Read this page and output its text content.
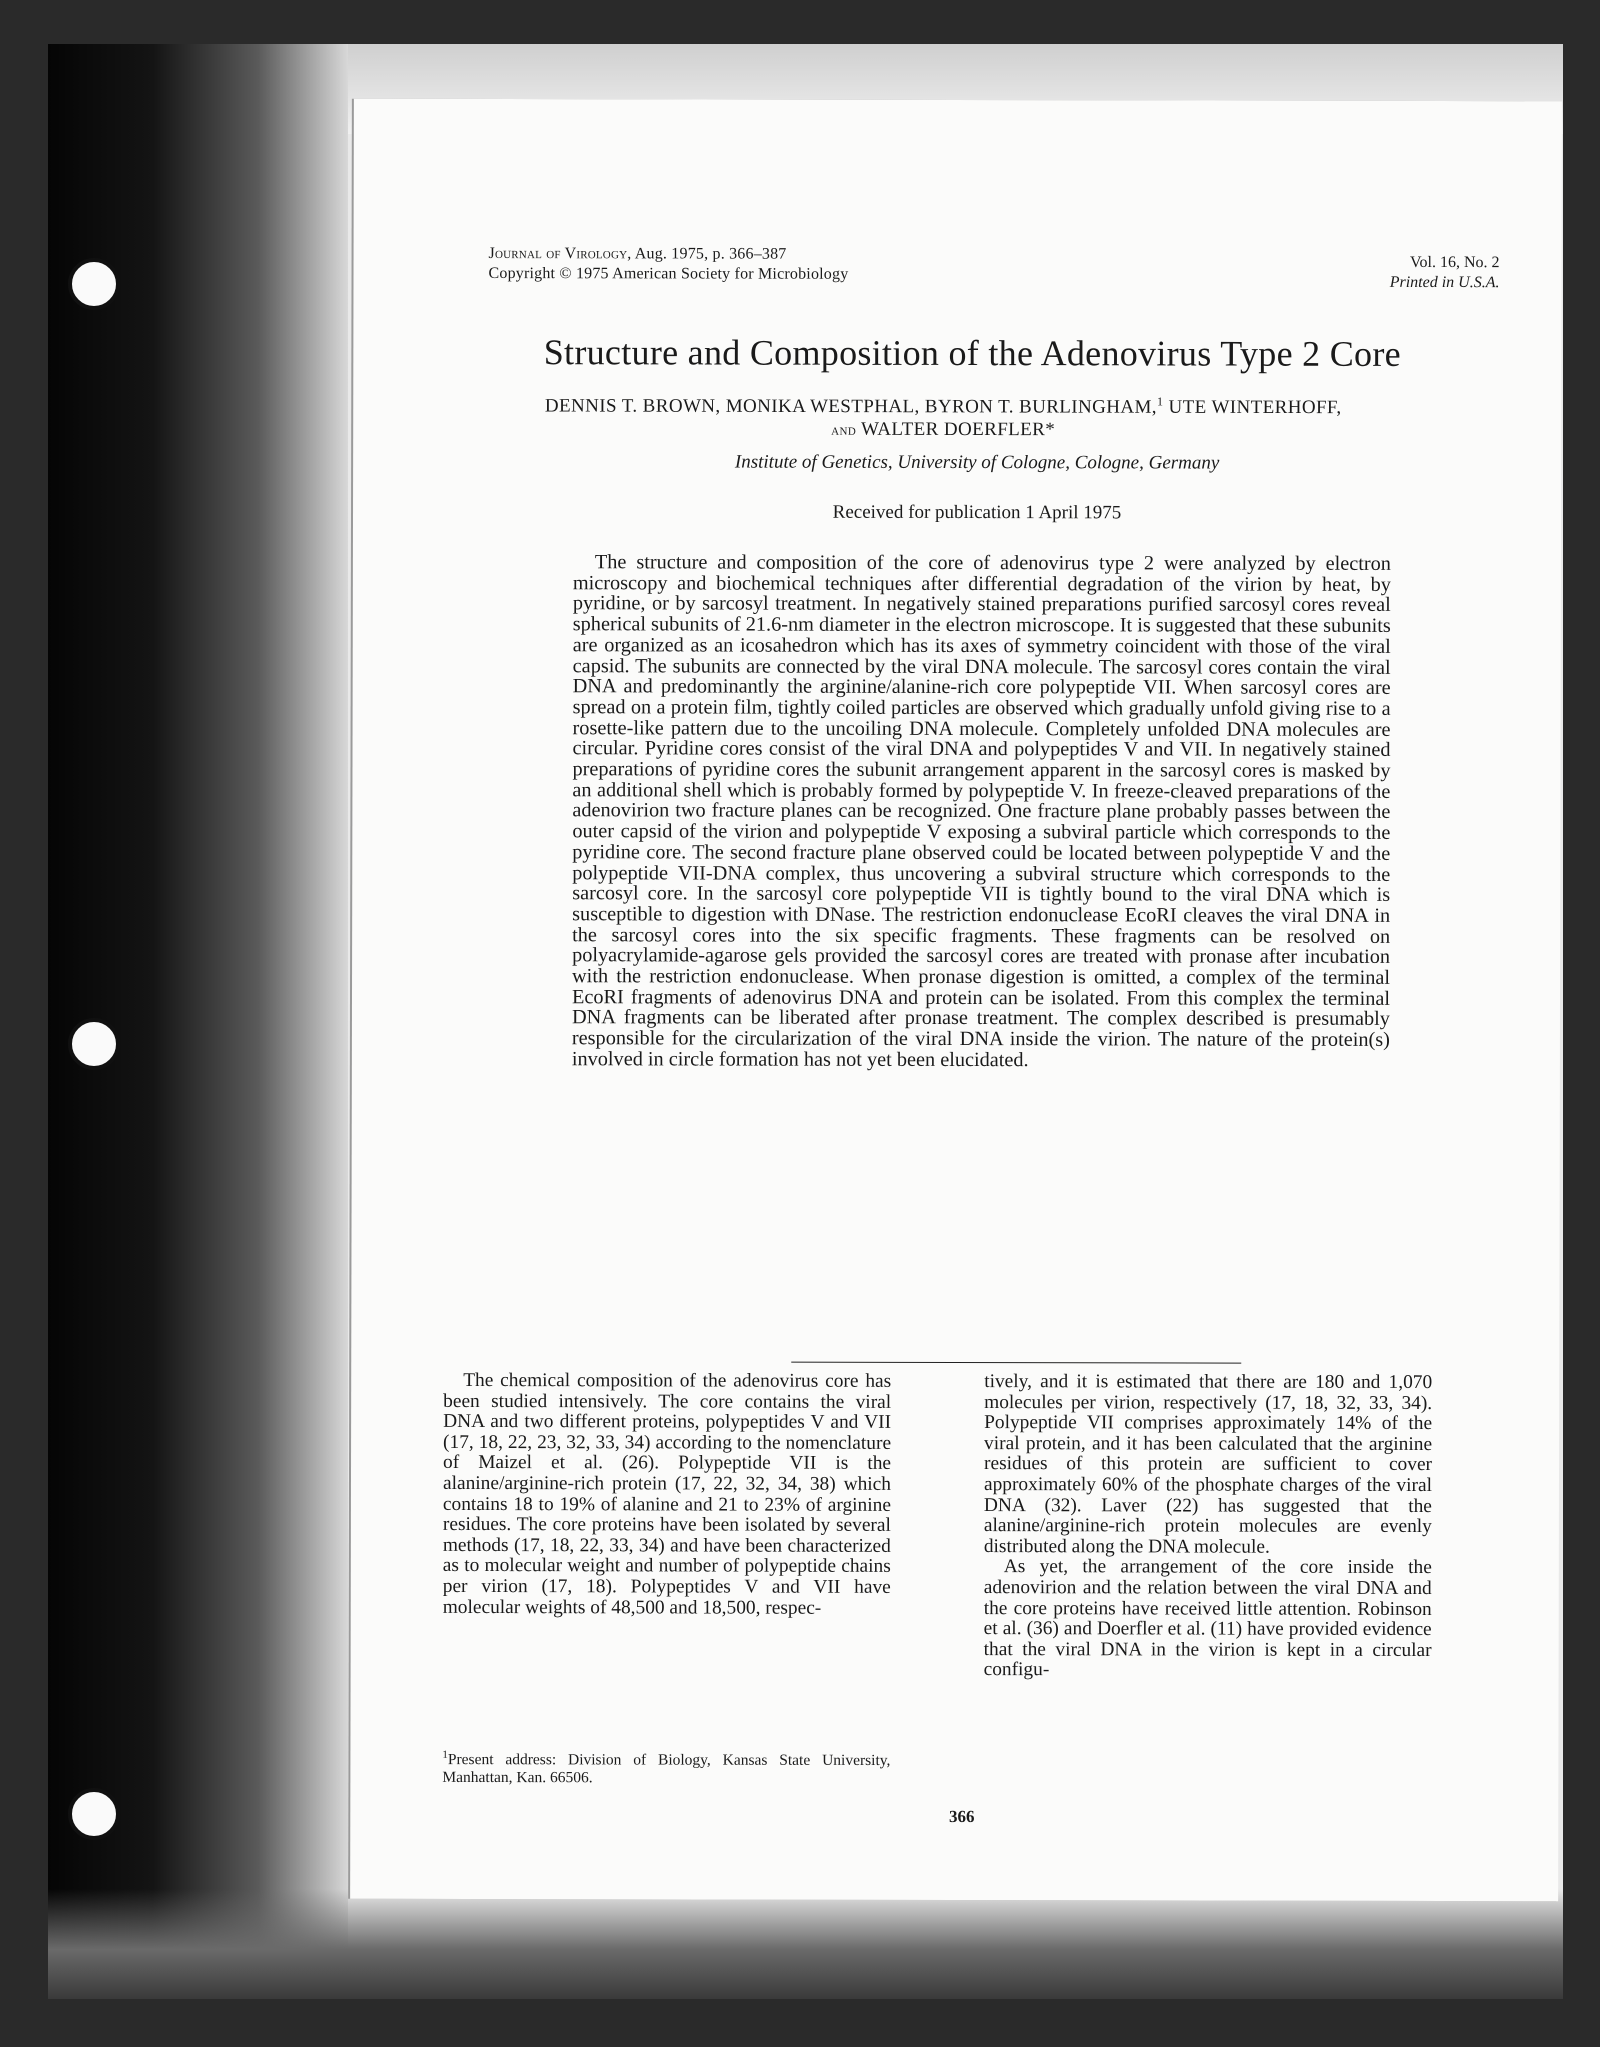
Journal of Virology, Aug. 1975, p. 366–387
Copyright © 1975 American Society for Microbiology
Vol. 16, No. 2
Printed in U.S.A.
Structure and Composition of the Adenovirus Type 2 Core
DENNIS T. BROWN, MONIKA WESTPHAL, BYRON T. BURLINGHAM,$^1$ UTE WINTERHOFF,
and WALTER DOERFLER*
Institute of Genetics, University of Cologne, Cologne, Germany
Received for publication 1 April 1975

The structure and composition of the core of adenovirus type 2 were analyzed by electron microscopy and biochemical techniques after differential degradation of the virion by heat, by pyridine, or by sarcosyl treatment. In negatively stained preparations purified sarcosyl cores reveal spherical subunits of 21.6-nm diameter in the electron microscope. It is suggested that these subunits are organized as an icosahedron which has its axes of symmetry coincident with those of the viral capsid. The subunits are connected by the viral DNA molecule. The sarcosyl cores contain the viral DNA and predominantly the arginine/alanine-rich core polypeptide VII. When sarcosyl cores are spread on a protein film, tightly coiled particles are observed which gradually unfold giving rise to a rosette-like pattern due to the uncoiling DNA molecule. Completely unfolded DNA molecules are circular. Pyridine cores consist of the viral DNA and polypeptides V and VII. In negatively stained preparations of pyridine cores the subunit arrangement apparent in the sarcosyl cores is masked by an additional shell which is probably formed by polypeptide V. In freeze-cleaved preparations of the adenovirion two fracture planes can be recognized. One fracture plane probably passes between the outer capsid of the virion and polypeptide V exposing a subviral particle which corresponds to the pyridine core. The second fracture plane observed could be located between polypeptide V and the polypeptide VII-DNA complex, thus uncovering a subviral structure which corresponds to the sarcosyl core. In the sarcosyl core polypeptide VII is tightly bound to the viral DNA which is susceptible to digestion with DNase. The restriction endonuclease EcoRI cleaves the viral DNA in the sarcosyl cores into the six specific fragments. These fragments can be resolved on polyacrylamide-agarose gels provided the sarcosyl cores are treated with pronase after incubation with the restriction endonuclease. When pronase digestion is omitted, a complex of the terminal EcoRI fragments of adenovirus DNA and protein can be isolated. From this complex the terminal DNA fragments can be liberated after pronase treatment. The complex described is presumably responsible for the circularization of the viral DNA inside the virion. The nature of the protein(s) involved in circle formation has not yet been elucidated.

The chemical composition of the adenovirus core has been studied intensively. The core contains the viral DNA and two different proteins, polypeptides V and VII (17, 18, 22, 23, 32, 33, 34) according to the nomenclature of Maizel et al. (26). Polypeptide VII is the alanine/arginine-rich protein (17, 22, 32, 34, 38) which contains 18 to 19% of alanine and 21 to 23% of arginine residues. The core proteins have been isolated by several methods (17, 18, 22, 33, 34) and have been characterized as to molecular weight and number of polypeptide chains per virion (17, 18). Polypeptides V and VII have molecular weights of 48,500 and 18,500, respec-

tively, and it is estimated that there are 180 and 1,070 molecules per virion, respectively (17, 18, 32, 33, 34). Polypeptide VII comprises approximately 14% of the viral protein, and it has been calculated that the arginine residues of this protein are sufficient to cover approximately 60% of the phosphate charges of the viral DNA (32). Laver (22) has suggested that the alanine/arginine-rich protein molecules are evenly distributed along the DNA molecule.

As yet, the arrangement of the core inside the adenovirion and the relation between the viral DNA and the core proteins have received little attention. Robinson et al. (36) and Doerfler et al. (11) have provided evidence that the viral DNA in the virion is kept in a circular configu-

$^1$Present address: Division of Biology, Kansas State University, Manhattan, Kan. 66506.
366
